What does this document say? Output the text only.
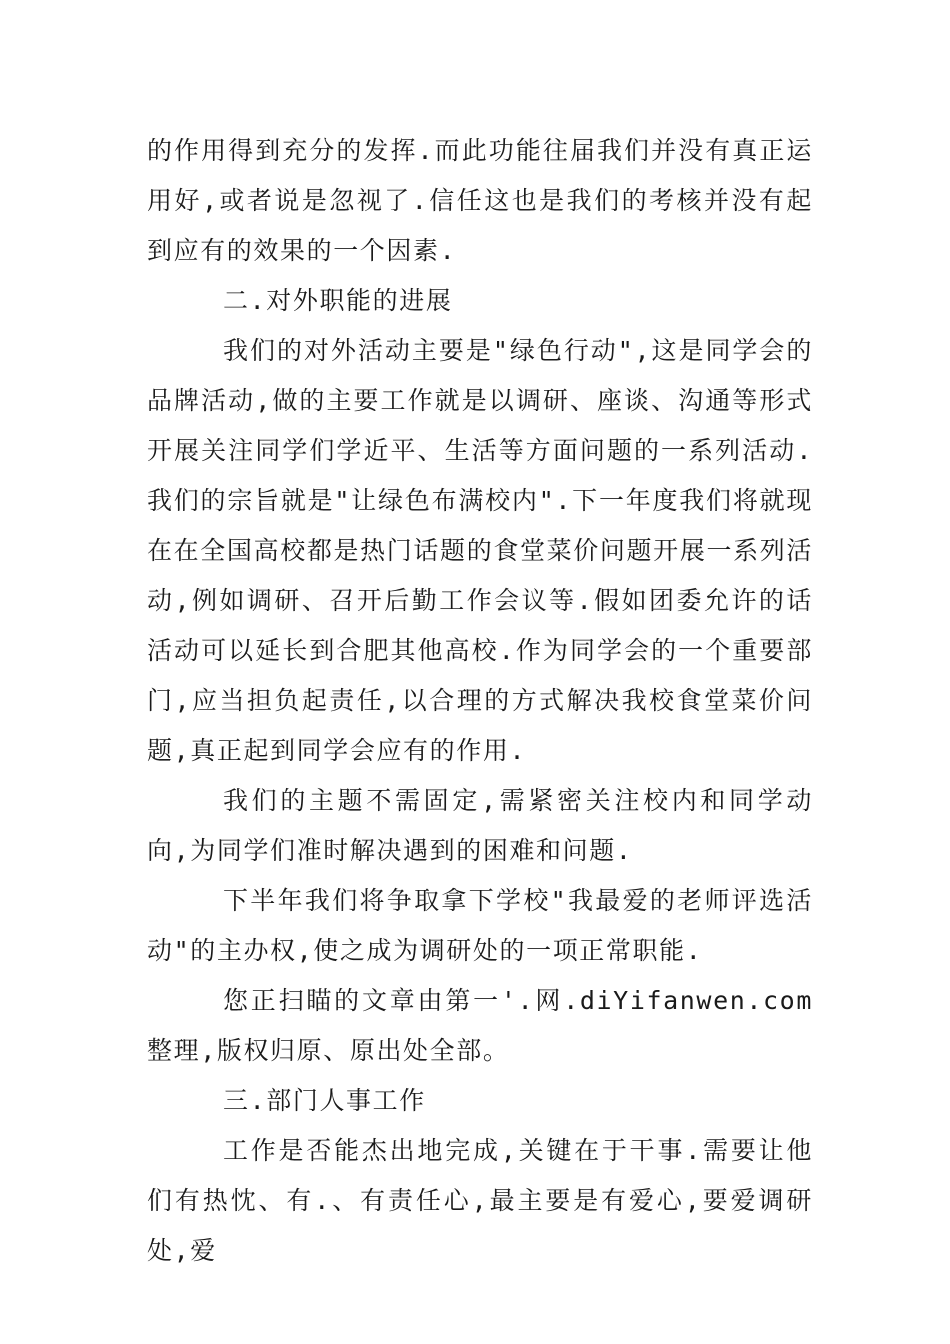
的作用得到充分的发挥.而此功能往届我们并没有真正运用好,或者说是忽视了.信任这也是我们的考核并没有起到应有的效果的一个因素.

二.对外职能的进展

我们的对外活动主要是"绿色行动",这是同学会的品牌活动,做的主要工作就是以调研、座谈、沟通等形式开展关注同学们学近平、生活等方面问题的一系列活动.我们的宗旨就是"让绿色布满校内".下一年度我们将就现在在全国高校都是热门话题的食堂菜价问题开展一系列活动,例如调研、召开后勤工作会议等.假如团委允许的话活动可以延长到合肥其他高校.作为同学会的一个重要部门,应当担负起责任,以合理的方式解决我校食堂菜价问题,真正起到同学会应有的作用.

我们的主题不需固定,需紧密关注校内和同学动向,为同学们准时解决遇到的困难和问题.

下半年我们将争取拿下学校"我最爱的老师评选活动"的主办权,使之成为调研处的一项正常职能.

您正扫瞄的文章由第一'.网.diYifanwen.com整理,版权归原、原出处全部。

三.部门人事工作

工作是否能杰出地完成,关键在于干事.需要让他们有热忱、有.、有责任心,最主要是有爱心,要爱调研处,爱
